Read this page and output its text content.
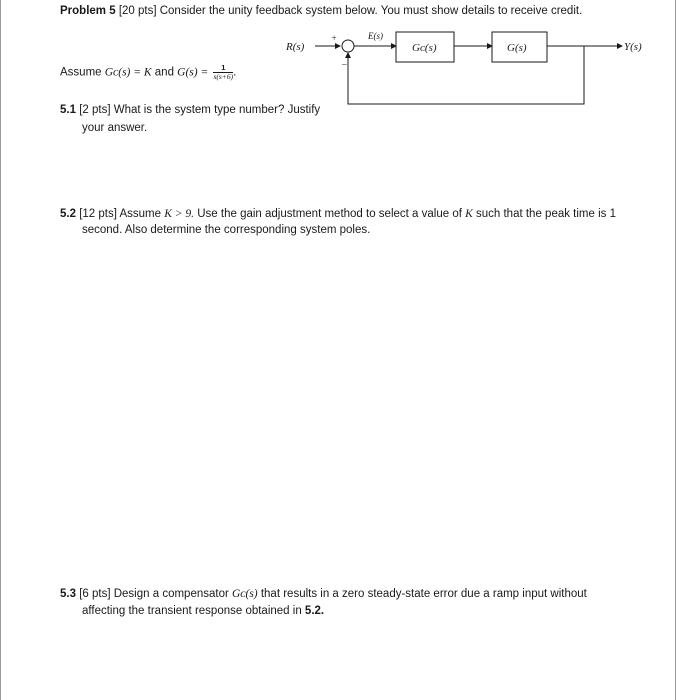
Problem 5 [20 pts] Consider the unity feedback system below. You must show details to receive credit.
R(s)
+
−
E(s)
Gᴄ(s)	G(s)	Y(s)
Assume Gᴄ(s) = K and $G(s) = \frac{1}{s(s+6)}$ .
5.1 [2 pts] What is the system type number? Justify
your answer.
5.2 [12 pts] Assume K > 9. Use the gain adjustment method to select a value of K such that the peak time is 1
second. Also determine the corresponding system poles.
5.3 [6 pts] Design a compensator Gᴄ(s) that results in a zero steady-state error due a ramp input without
affecting the transient response obtained in 5.2.
